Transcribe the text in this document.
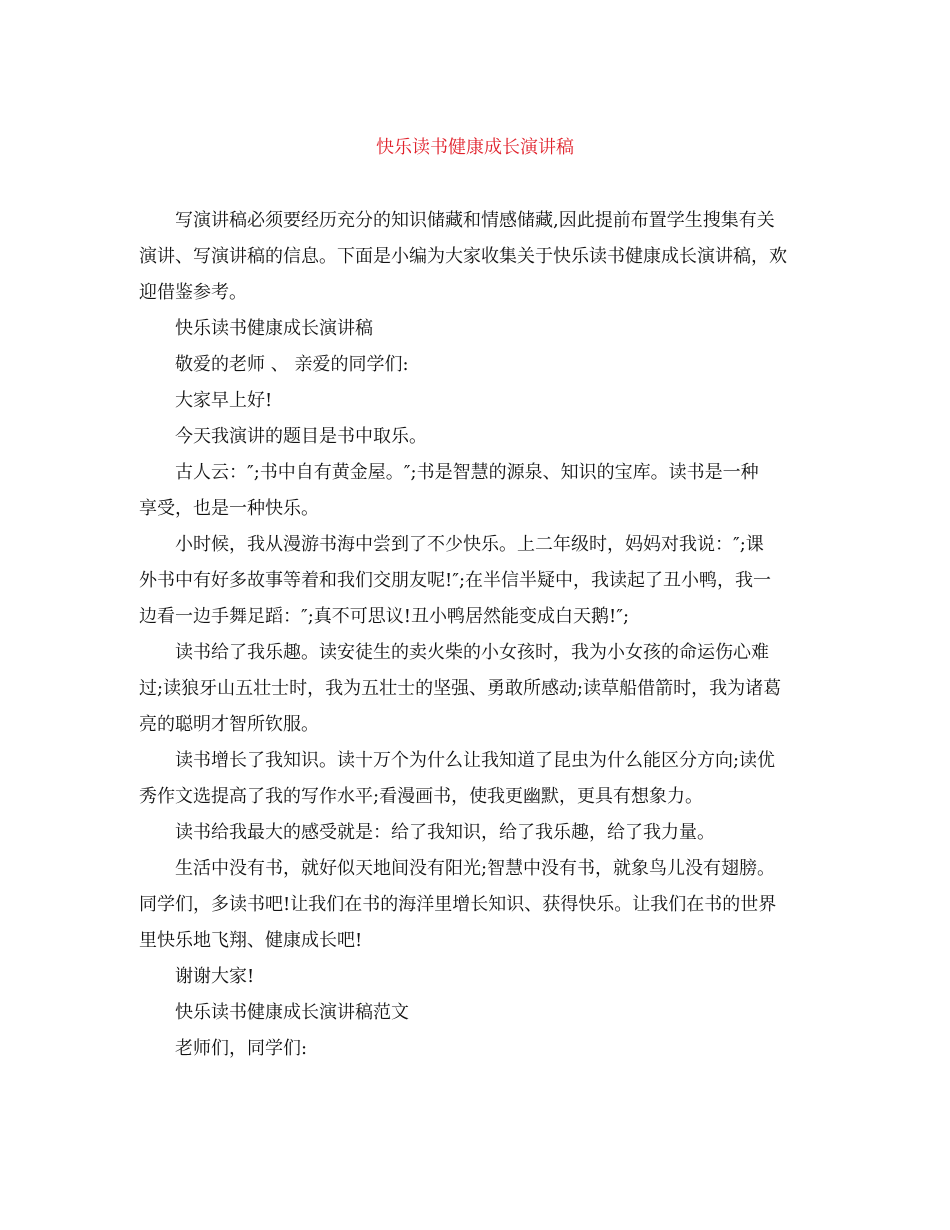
快乐读书健康成长演讲稿

写演讲稿必须要经历充分的知识储藏和情感储藏,因此提前布置学生搜集有关
演讲、写演讲稿的信息。下面是小编为大家收集关于快乐读书健康成长演讲稿，欢
迎借鉴参考。

快乐读书健康成长演讲稿

敬爱的老师 、 亲爱的同学们:

大家早上好!

今天我演讲的题目是书中取乐。

古人云：″;书中自有黄金屋。″;书是智慧的源泉、知识的宝库。读书是一种
享受，也是一种快乐。

小时候，我从漫游书海中尝到了不少快乐。上二年级时，妈妈对我说：″;课
外书中有好多故事等着和我们交朋友呢!″;在半信半疑中，我读起了丑小鸭，我一
边看一边手舞足蹈：″;真不可思议!丑小鸭居然能变成白天鹅!″;

读书给了我乐趣。读安徒生的卖火柴的小女孩时，我为小女孩的命运伤心难
过;读狼牙山五壮士时，我为五壮士的坚强、勇敢所感动;读草船借箭时，我为诸葛
亮的聪明才智所钦服。

读书增长了我知识。读十万个为什么让我知道了昆虫为什么能区分方向;读优
秀作文选提高了我的写作水平;看漫画书，使我更幽默，更具有想象力。

读书给我最大的感受就是：给了我知识，给了我乐趣，给了我力量。

生活中没有书，就好似天地间没有阳光;智慧中没有书，就象鸟儿没有翅膀。
同学们，多读书吧!让我们在书的海洋里增长知识、获得快乐。让我们在书的世界
里快乐地飞翔、健康成长吧!

谢谢大家!

快乐读书健康成长演讲稿范文

老师们，同学们:
